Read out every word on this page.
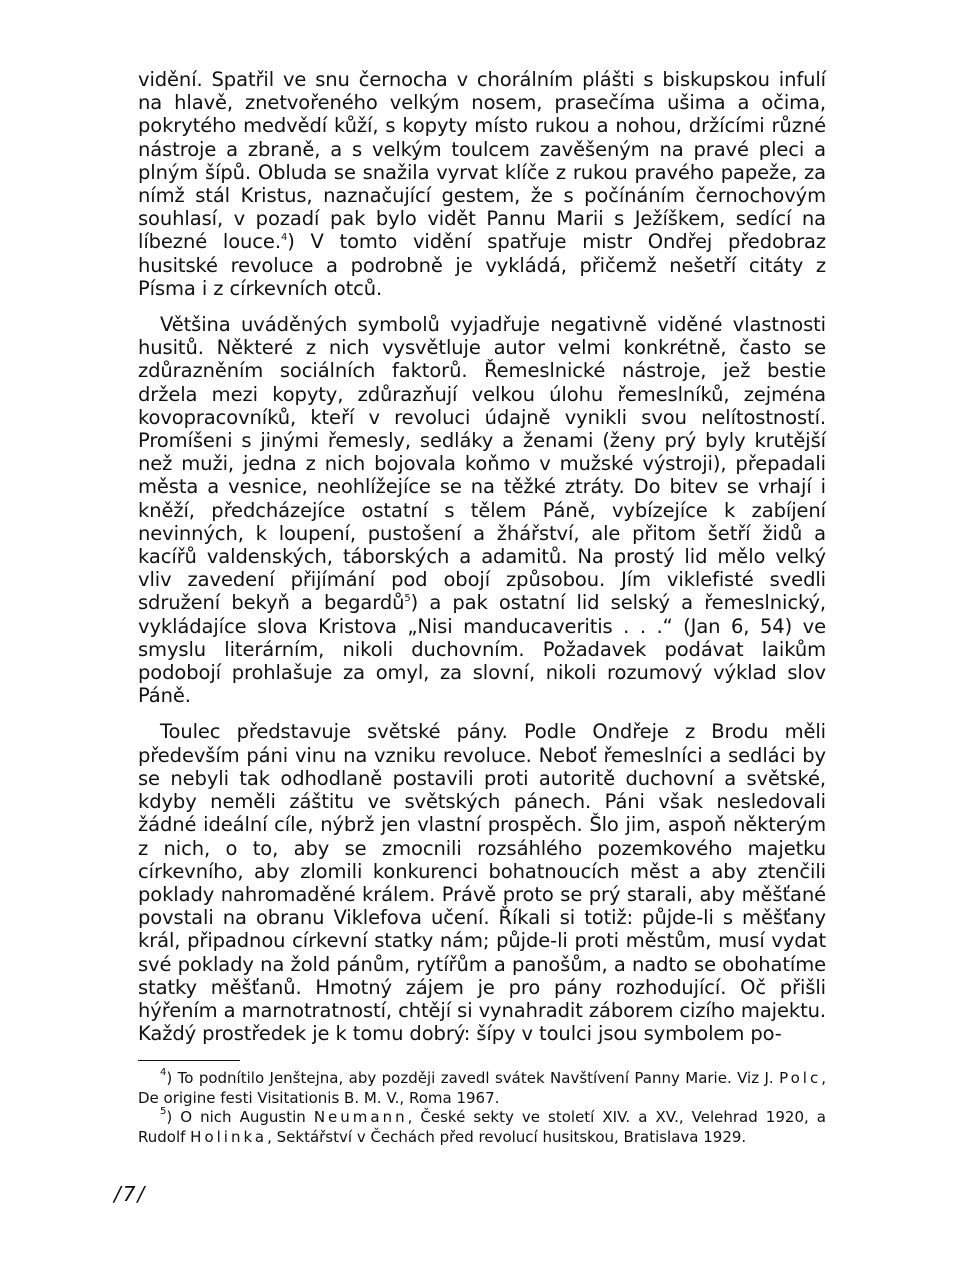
vidění. Spatřil ve snu černocha v chorálním plášti s biskupskou infulí na hlavě, znetvořeného velkým nosem, prasečíma ušima a očima, pokrytého medvědí kůží, s kopyty místo rukou a nohou, držícími různé nástroje a zbraně, a s velkým toulcem zavěšeným na pravé pleci a plným šípů. Obluda se snažila vyrvat klíče z rukou pravého papeže, za nímž stál Kristus, naznačující gestem, že s počínáním černochovým souhlasí, v pozadí pak bylo vidět Pannu Marii s Ježíškem, sedící na líbezné louce.$^4$) V tomto vidění spatřuje mistr Ondřej předobraz husitské revoluce a podrobně je vykládá, přičemž nešetří citáty z Písma i z církevních otců.

Většina uváděných symbolů vyjadřuje negativně viděné vlastnosti husitů. Některé z nich vysvětluje autor velmi konkrétně, často se zdůrazněním sociálních faktorů. Řemeslnické nástroje, jež bestie držela mezi kopyty, zdůrazňují velkou úlohu řemeslníků, zejména kovopracovníků, kteří v revoluci údajně vynikli svou nelítostností. Promíšeni s jinými řemesly, sedláky a ženami (ženy prý byly krutější než muži, jedna z nich bojovala koňmo v mužské výstroji), přepadali města a vesnice, neohlížejíce se na těžké ztráty. Do bitev se vrhají i kněží, předcházejíce ostatní s tělem Páně, vybízejíce k zabíjení nevinných, k loupení, pustošení a žhářství, ale přitom šetří židů a kacířů valdenských, táborských a adamitů. Na prostý lid mělo velký vliv zavedení přijímání pod obojí způsobou. Jím viklefisté svedli sdružení bekyň a begardů$^5$) a pak ostatní lid selský a řemeslnický, vykládajíce slova Kristova „Nisi manducaveritis . . .“ (Jan 6, 54) ve smyslu literárním, nikoli duchovním. Požadavek podávat laikům podobojí prohlašuje za omyl, za slovní, nikoli rozumový výklad slov Páně.

Toulec představuje světské pány. Podle Ondřeje z Brodu měli především páni vinu na vzniku revoluce. Neboť řemeslníci a sedláci by se nebyli tak odhodlaně postavili proti autoritě duchovní a světské, kdyby neměli záštitu ve světských pánech. Páni však nesledovali žádné ideální cíle, nýbrž jen vlastní prospěch. Šlo jim, aspoň některým z nich, o to, aby se zmocnili rozsáhlého pozemkového majetku církevního, aby zlomili konkurenci bohatnoucích měst a aby ztenčili poklady nahromaděné králem. Právě proto se prý starali, aby měšťané povstali na obranu Viklefova učení. Říkali si totiž: půjde-li s měšťany král, připadnou církevní statky nám; půjde-li proti městům, musí vydat své poklady na žold pánům, rytířům a panošům, a nadto se obohatíme statky měšťanů. Hmotný zájem je pro pány rozhodující. Oč přišli hýřením a marnotratností, chtějí si vynahradit záborem cizího majektu. Každý prostředek je k tomu dobrý: šípy v toulci jsou symbolem po-

$^4$) To podnítilo Jenštejna, aby později zavedl svátek Navštívení Panny Marie. Viz J. Polc, De origine festi Visitationis B. M. V., Roma 1967.

$^5$) O nich Augustin Neumann, České sekty ve století XIV. a XV., Velehrad 1920, a Rudolf Holinka, Sektářství v Čechách před revolucí husitskou, Bratislava 1929.

/7/
